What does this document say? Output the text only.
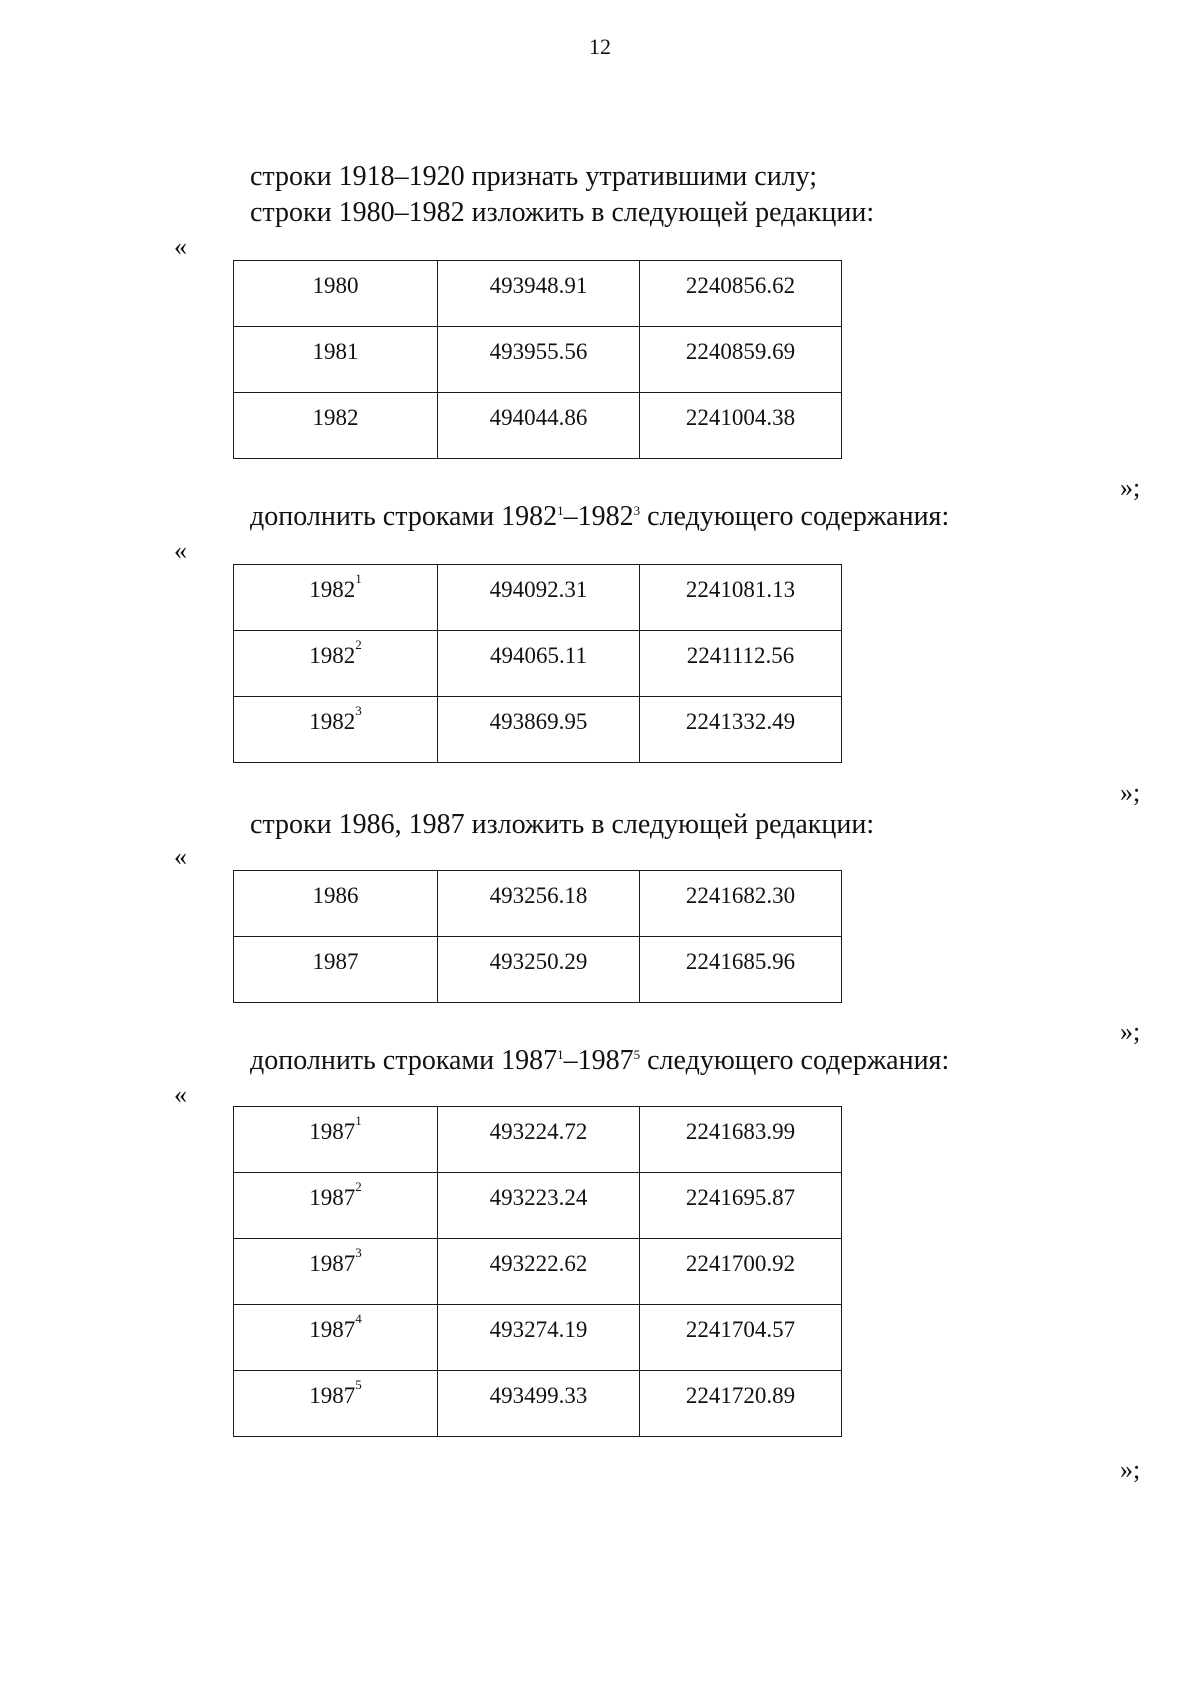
12
строки 1918–1920 признать утратившими силу;
строки 1980–1982 изложить в следующей редакции:
«
1980	493948.91	2240856.62
1981	493955.56	2240859.69
1982	494044.86	2241004.38
»;
дополнить строками 1982$^1$–1982$^3$ следующего содержания:
«
1982$^1$	494092.31	2241081.13
1982$^2$	494065.11	2241112.56
1982$^3$	493869.95	2241332.49
»;
строки 1986, 1987 изложить в следующей редакции:
«
1986	493256.18	2241682.30
1987	493250.29	2241685.96
»;
дополнить строками 1987$^1$–1987$^5$ следующего содержания:
«
1987$^1$	493224.72	2241683.99
1987$^2$	493223.24	2241695.87
1987$^3$	493222.62	2241700.92
1987$^4$	493274.19	2241704.57
1987$^5$	493499.33	2241720.89
»;
